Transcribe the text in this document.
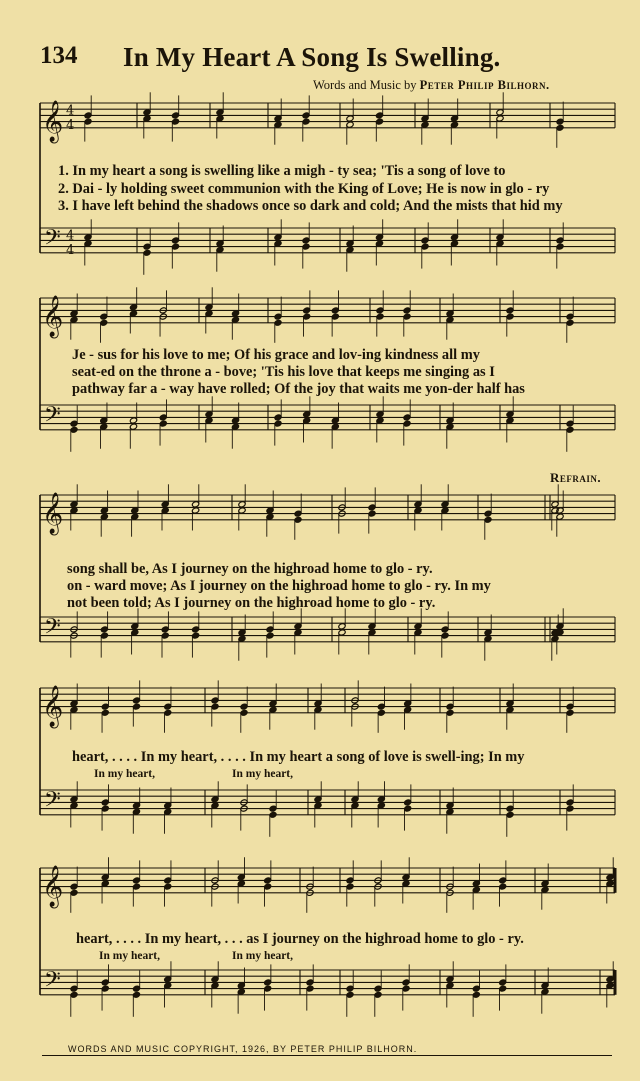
134 In My Heart A Song Is Swelling.
Words and Music by Peter Philip Bilhorn.
Refrain.
𝄞 4
4
𝄢 4
4
𝄞
𝄢
𝄞
𝄢
𝄞
𝄢
𝄞
𝄢
1. In my heart a song is swelling like a migh - ty sea; 'Tis a song of love to
2. Dai - ly holding sweet communion with the King of Love; He is now in glo - ry
3. I have left behind the shadows once so dark and cold; And the mists that hid my
Je - sus for his love to me; Of his grace and lov-ing kindness all my
seat-ed on the throne a - bove; 'Tis his love that keeps me singing as I
pathway far a - way have rolled; Of the joy that waits me yon-der half has
song shall be, As I journey on the highroad home to glo - ry.
on - ward move; As I journey on the highroad home to glo - ry. In my
not been told; As I journey on the highroad home to glo - ry.
heart, . . . . In my heart, . . . . In my heart a song of love is swell-ing; In my
In my heart,	In my heart,
heart, . . . . In my heart, . . . as I journey on the highroad home to glo - ry.
In my heart,	In my heart,
WORDS AND MUSIC COPYRIGHT, 1926, BY PETER PHILIP BILHORN.
